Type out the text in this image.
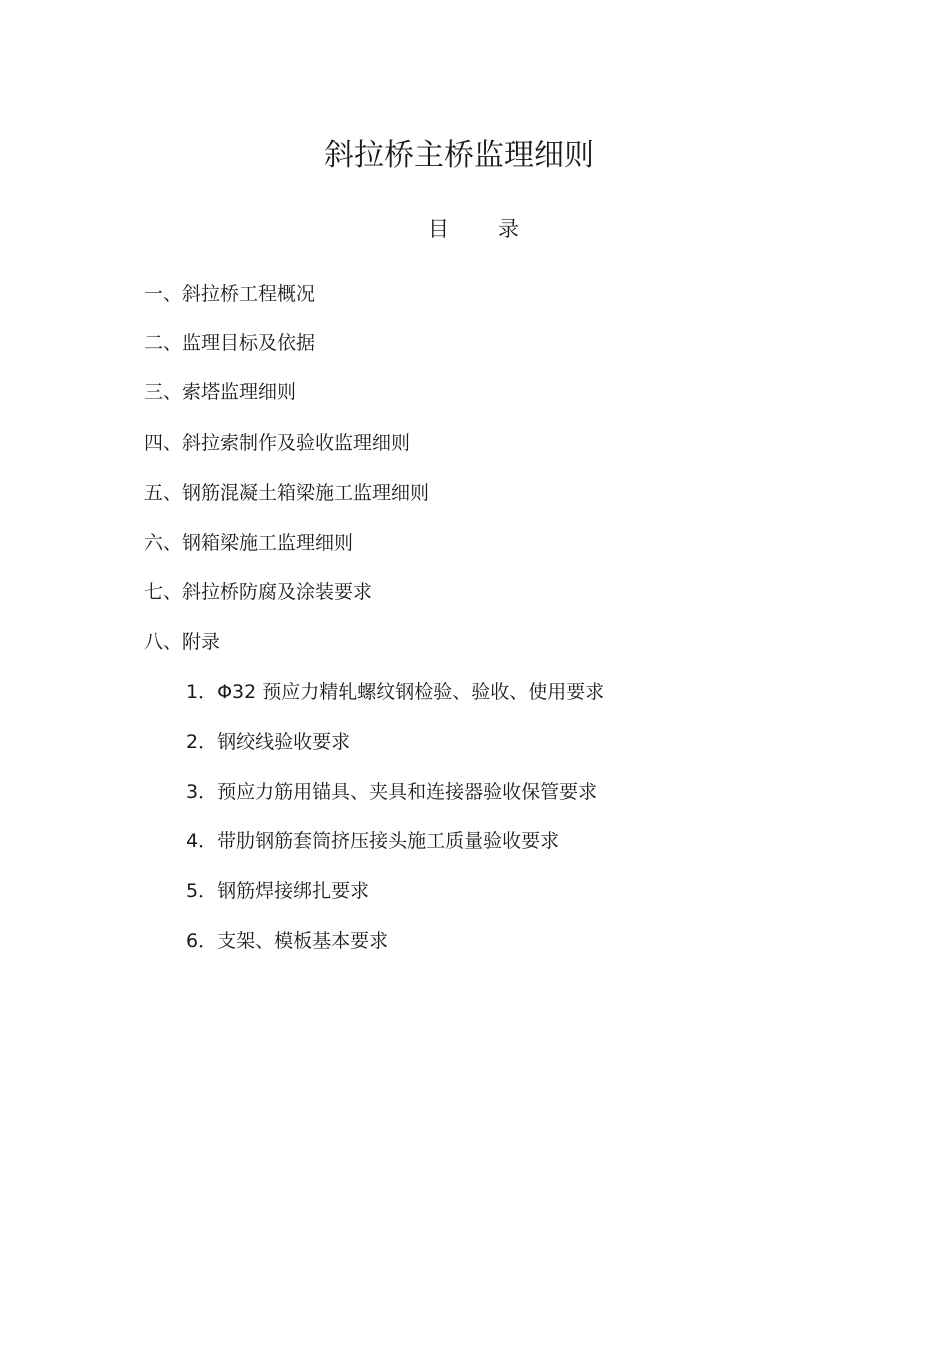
斜拉桥主桥监理细则
目 录
一、斜拉桥工程概况
二、监理目标及依据
三、索塔监理细则
四、斜拉索制作及验收监理细则
五、钢筋混凝土箱梁施工监理细则
六、钢箱梁施工监理细则
七、斜拉桥防腐及涂装要求
八、附录
1．Φ32 预应力精轧螺纹钢检验、验收、使用要求
2．钢绞线验收要求
3．预应力筋用锚具、夹具和连接器验收保管要求
4．带肋钢筋套筒挤压接头施工质量验收要求
5．钢筋焊接绑扎要求
6．支架、模板基本要求
